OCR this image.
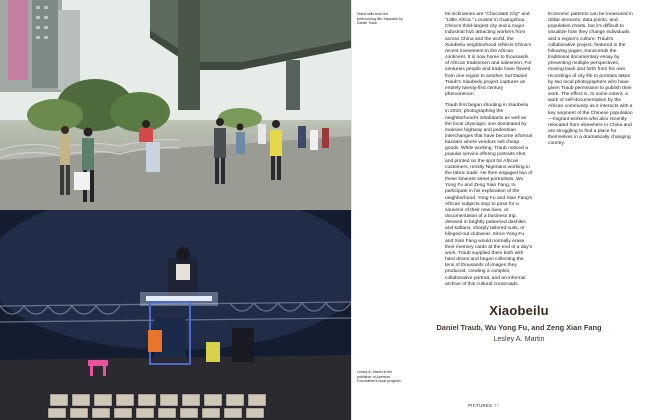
Video stills from the forthcoming film Xiaobeilu by Daniel Traub
Lesley A. Martin is the publisher of Aperture Foundation's book program.

Its nicknames are "Chocolate City" and "Little Africa." Located in Guangzhou, China's third-largest city and a major industrial hub attracting workers from across China and the world, the Xiaobeilu neighborhood reflects China's recent investment in the African continent. It is now home to thousands of African tradesmen and salesmen. For centuries people and trade have flowed from one region to another, but Daniel Traub's Xiaobeilu project captures an entirely twenty-first century phenomenon.

Traub first began shooting in Xiaobeilu in 2010, photographing the neighborhood's inhabitants as well as the local cityscape, one dominated by massive highway and pedestrian interchanges that have become informal bazaars where vendors sell cheap goods. While working, Traub noticed a popular service offering portraits shot and printed on the spot for African customers, mostly Nigerians working in the fabric trade. He then engaged two of these itinerant street portraitists, Wu Yong Fu and Zeng Xian Fang, to participate in his exploration of the neighborhood. Yong Fu and Xian Fang's African subjects stop to pose for a souvenir of their new lives, or documentation of a business trip, dressed in brightly patterned dashikis and kaftans, sharply tailored suits, or blinged-out clubwear. Since Yong Fu and Xian Fang would normally erase their memory cards at the end of a day's work, Traub supplied them both with hard drives and began collecting the tens of thousands of images they produced, creating a complex, collaborative portrait, and an informal archive of this cultural crossroads.

Economic patterns can be measured in dollar amounts, data points, and population charts, but it's difficult to visualize how they change individuals and a region's culture. Traub's collaborative project, featured in the following pages, transcends the traditional documentary essay by presenting multiple perspectives, moving back and forth from his own recordings of city life to portraits taken by two local photographers who have given Traub permission to publish their work. The effect is, to some extent, a work of self-documentation by the African community as it interacts with a key segment of the Chinese population—migrant workers who also recently relocated from elsewhere in China and are struggling to find a place for themselves in a dramatically changing country.

Xiaobeilu
Daniel Traub, Wu Yong Fu, and Zeng Xian Fang
Lesley A. Martin
PICTURES 77
